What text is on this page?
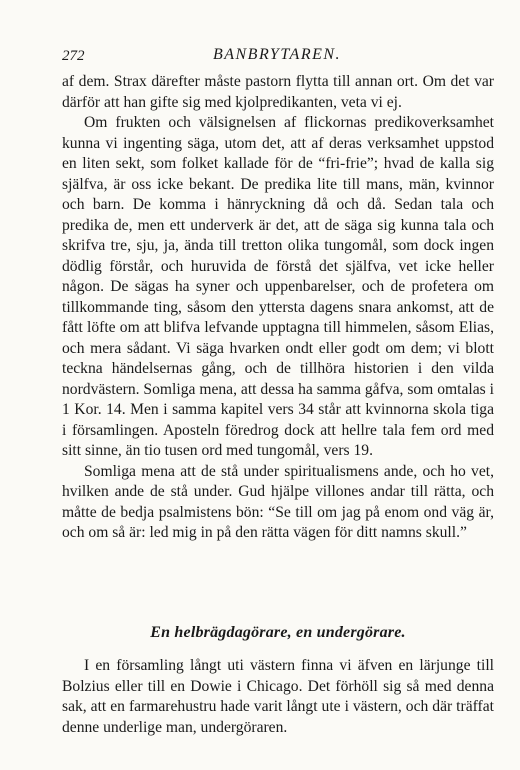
272	BANBRYTAREN.

af dem. Strax därefter måste pastorn flytta till annan ort. Om det var därför att han gifte sig med kjolpredikanten, veta vi ej.

Om frukten och välsignelsen af flickornas predikoverksamhet kunna vi ingenting säga, utom det, att af deras verksamhet uppstod en liten sekt, som folket kallade för de “fri-frie”; hvad de kalla sig själfva, är oss icke bekant. De predika lite till mans, män, kvinnor och barn. De komma i hänryckning då och då. Sedan tala och predika de, men ett underverk är det, att de säga sig kunna tala och skrifva tre, sju, ja, ända till tretton olika tungomål, som dock ingen dödlig förstår, och huruvida de förstå det själfva, vet icke heller någon. De sägas ha syner och uppenbarelser, och de profetera om tillkommande ting, såsom den yttersta dagens snara ankomst, att de fått löfte om att blifva lefvande upptagna till himmelen, såsom Elias, och mera sådant. Vi säga hvarken ondt eller godt om dem; vi blott teckna händelsernas gång, och de tillhöra historien i den vilda nordvästern. Somliga mena, att dessa ha samma gåfva, som omtalas i 1 Kor. 14. Men i samma kapitel vers 34 står att kvinnorna skola tiga i församlingen. Aposteln föredrog dock att hellre tala fem ord med sitt sinne, än tio tusen ord med tungomål, vers 19.

Somliga mena att de stå under spiritualismens ande, och ho vet, hvilken ande de stå under. Gud hjälpe villones andar till rätta, och måtte de bedja psalmistens bön: “Se till om jag på enom ond väg är, och om så är: led mig in på den rätta vägen för ditt namns skull.”

En helbrägdagörare, en undergörare.

I en församling långt uti västern finna vi äfven en lärjunge till Bolzius eller till en Dowie i Chicago. Det förhöll sig så med denna sak, att en farmarehustru hade varit långt ute i västern, och där träffat denne underlige man, undergöraren.
